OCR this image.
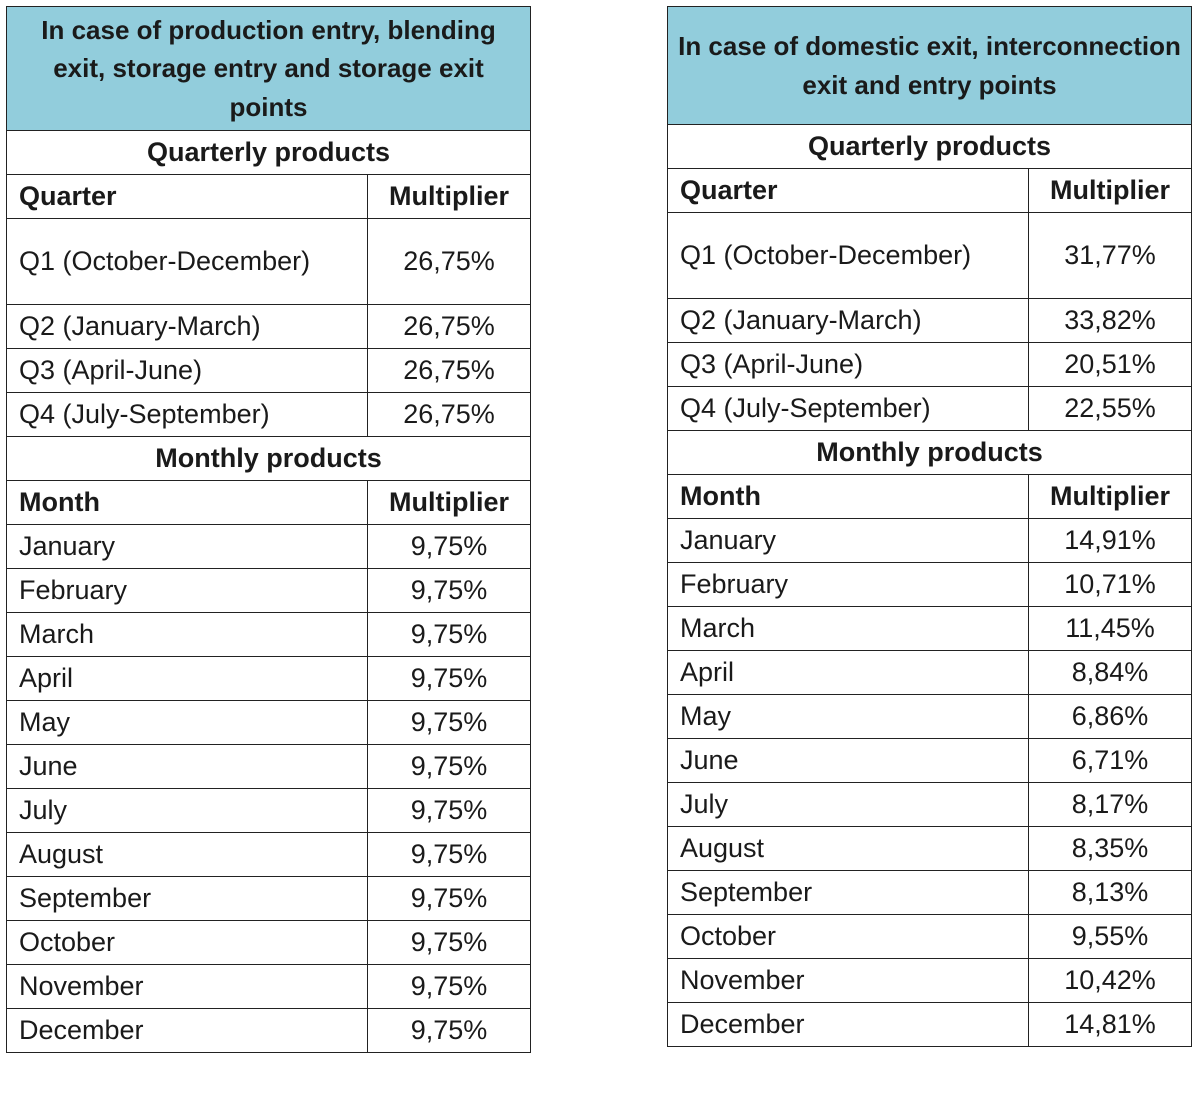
In case of production entry, blending exit, storage entry and storage exit points	
Quarterly products	
Quarter	Multiplier
Q1 (October-December)	26,75%
Q2 (January-March)	26,75%
Q3 (April-June)	26,75%
Q4 (July-September)	26,75%
Monthly products	
Month	Multiplier
January	9,75%
February	9,75%
March	9,75%
April	9,75%
May	9,75%
June	9,75%
July	9,75%
August	9,75%
September	9,75%
October	9,75%
November	9,75%
December	9,75%
In case of domestic exit, interconnection exit and entry points	
Quarterly products	
Quarter	Multiplier
Q1 (October-December)	31,77%
Q2 (January-March)	33,82%
Q3 (April-June)	20,51%
Q4 (July-September)	22,55%
Monthly products	
Month	Multiplier
January	14,91%
February	10,71%
March	11,45%
April	8,84%
May	6,86%
June	6,71%
July	8,17%
August	8,35%
September	8,13%
October	9,55%
November	10,42%
December	14,81%
